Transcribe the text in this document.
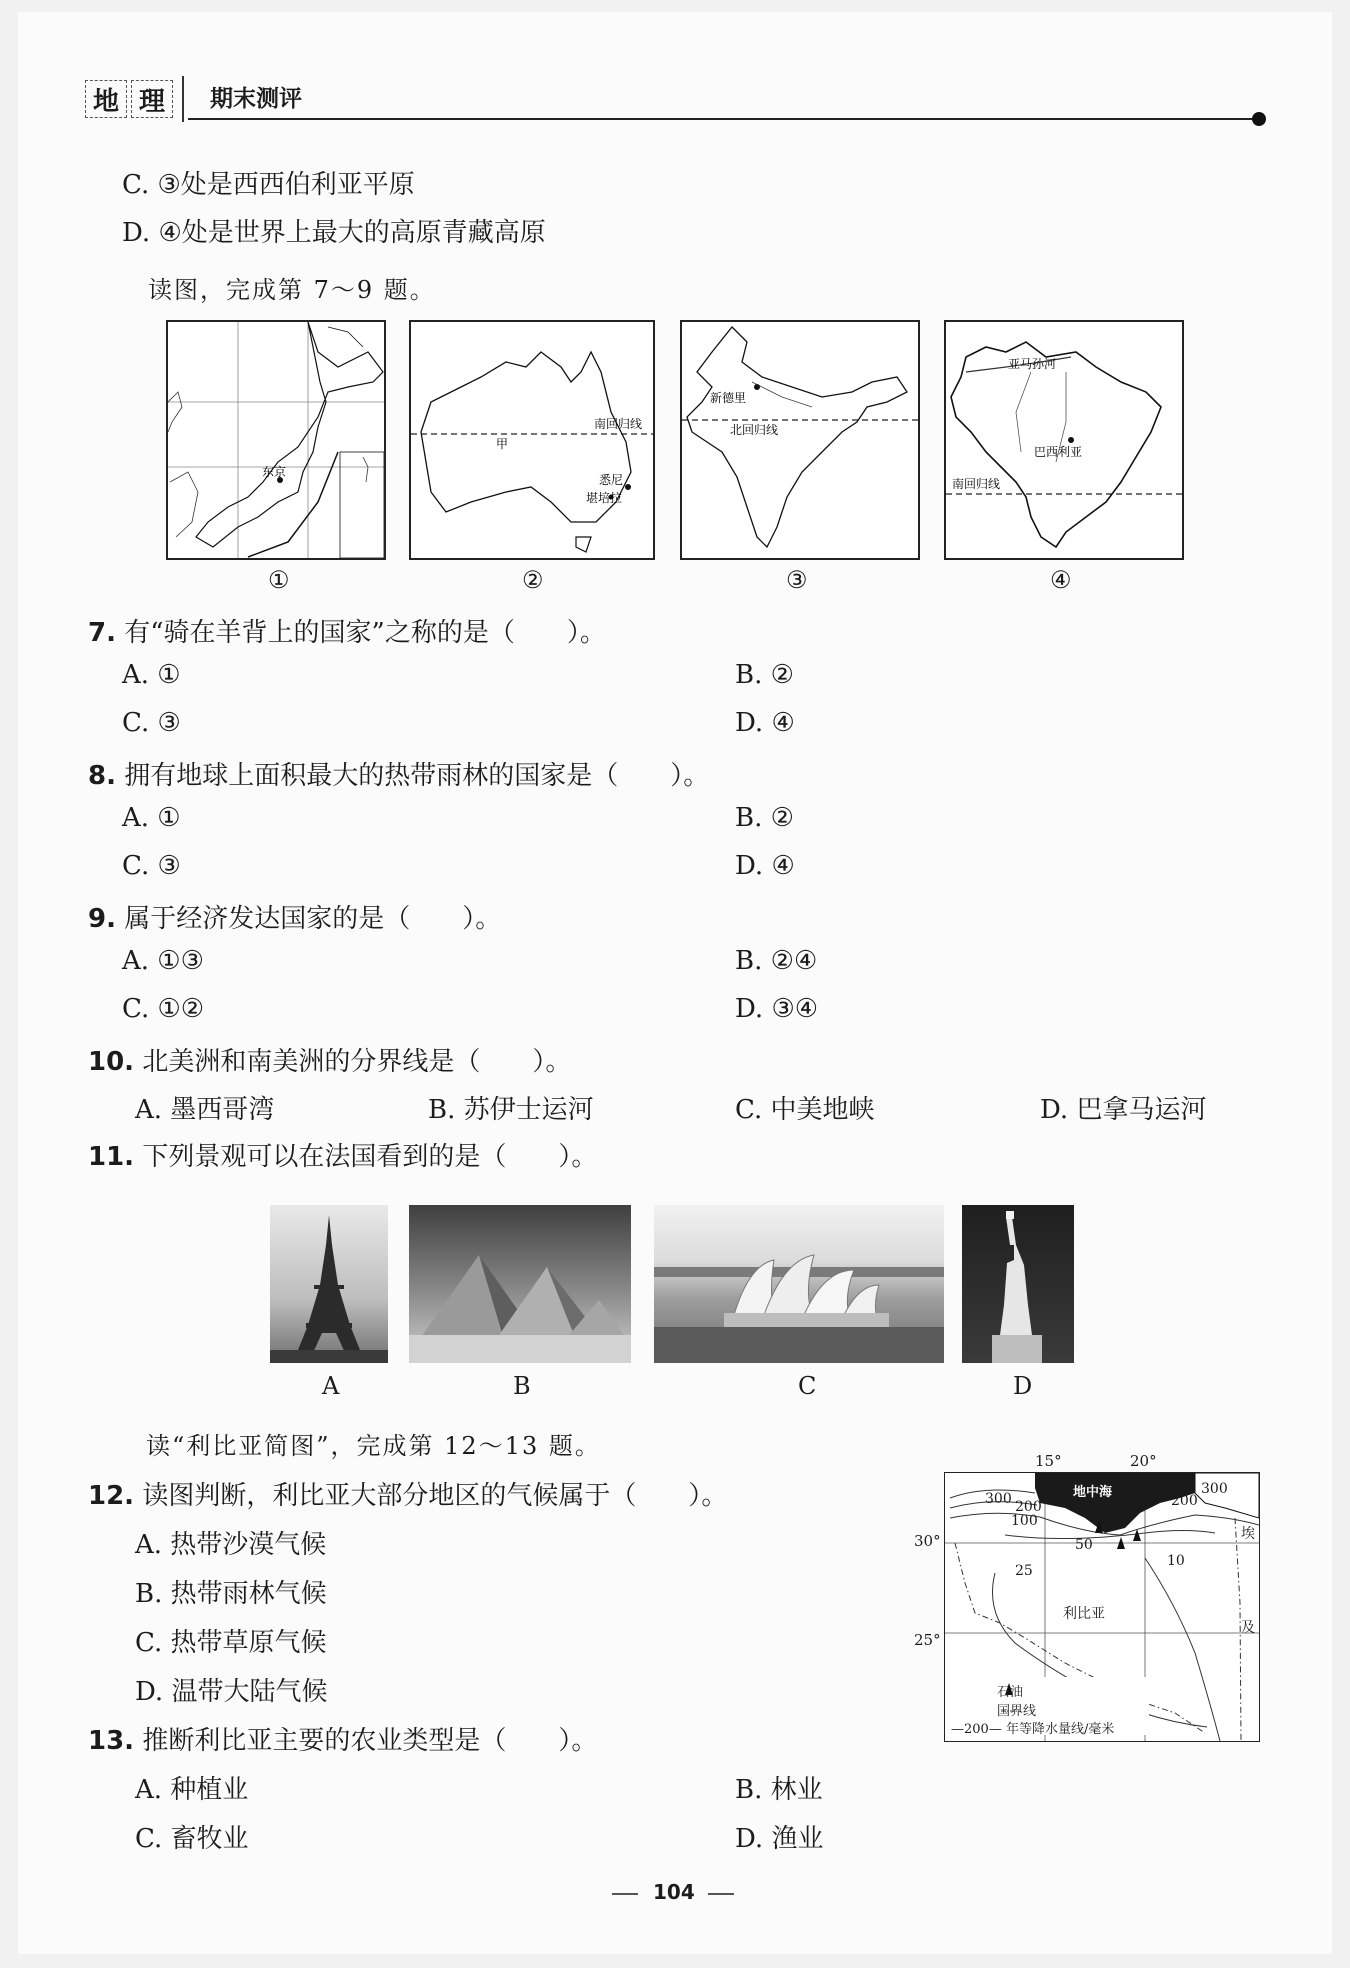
地 理 期末测评
C. ③处是西西伯利亚平原
D. ④处是世界上最大的高原青藏高原
读图，完成第 7～9 题。
东京
①
南回归线
甲
悉尼
堪培拉
②
新德里
北回归线
③
亚马孙河
巴西利亚
南回归线
④
7. 有“骑在羊背上的国家”之称的是（　　）。
A. ①	B. ②
C. ③	D. ④
8. 拥有地球上面积最大的热带雨林的国家是（　　）。
A. ①	B. ②
C. ③	D. ④
9. 属于经济发达国家的是（　　）。
A. ①③	B. ②④
C. ①②	D. ③④
10. 北美洲和南美洲的分界线是（　　）。
A. 墨西哥湾	B. 苏伊士运河	C. 中美地峡	D. 巴拿马运河
11. 下列景观可以在法国看到的是（　　）。
A	B	C	D
读“利比亚简图”，完成第 12～13 题。
12. 读图判断，利比亚大部分地区的气候属于（　　）。
A. 热带沙漠气候
B. 热带雨林气候
C. 热带草原气候
D. 温带大陆气候
13. 推断利比亚主要的农业类型是（　　）。
A. 种植业	B. 林业
C. 畜牧业	D. 渔业
15°	20°
30°
25°
地中海
300 200
100
200
300
50
25
10
利比亚
埃
及
石油
国界线
—200— 年等降水量线/毫米
104
